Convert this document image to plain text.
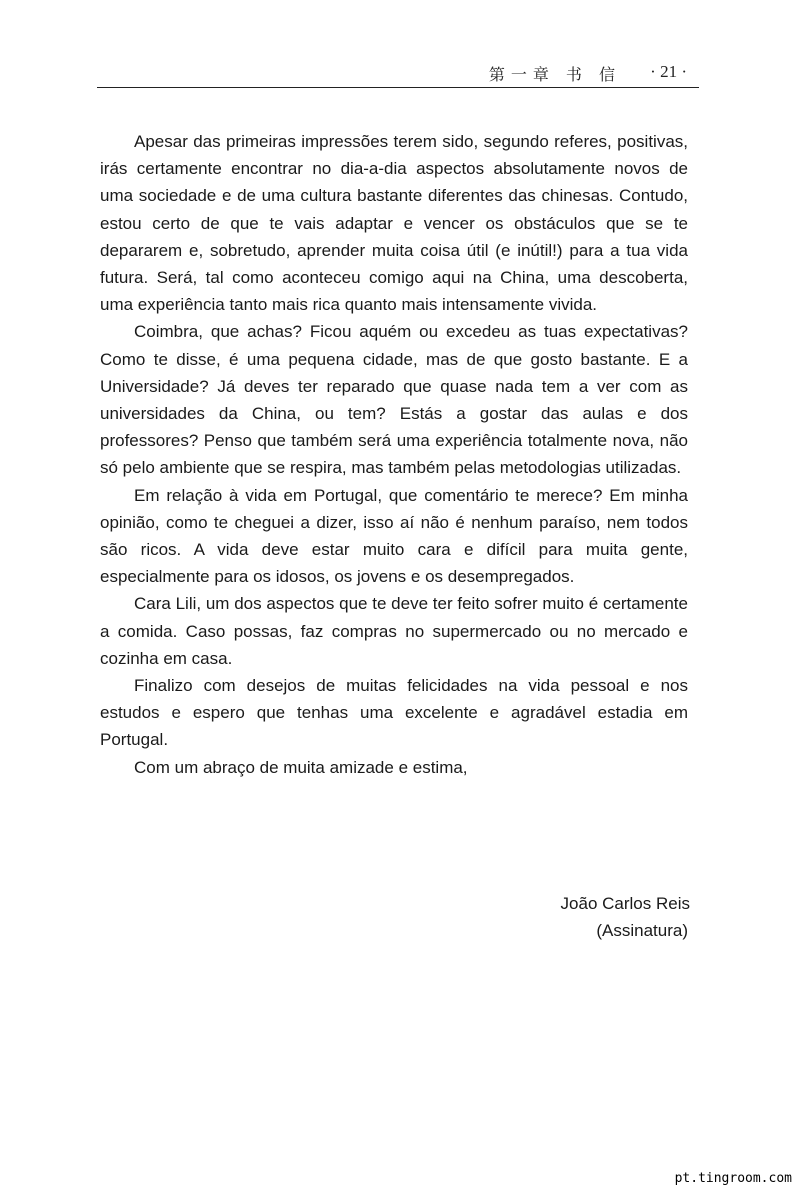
第一章 书 信 · 21 ·

Apesar das primeiras impressões terem sido, segundo referes, positivas, irás certamente encontrar no dia-a-dia aspectos absolutamente novos de uma sociedade e de uma cultura bastante diferentes das chinesas. Contudo, estou certo de que te vais adaptar e vencer os obstáculos que se te depararem e, sobretudo, aprender muita coisa útil (e inútil!) para a tua vida futura. Será, tal como aconteceu comigo aqui na China, uma descoberta, uma experiência tanto mais rica quanto mais intensamente vivida.

Coimbra, que achas? Ficou aquém ou excedeu as tuas expectativas? Como te disse, é uma pequena cidade, mas de que gosto bastante. E a Universidade? Já deves ter reparado que quase nada tem a ver com as universidades da China, ou tem? Estás a gostar das aulas e dos professores? Penso que também será uma experiência totalmente nova, não só pelo ambiente que se respira, mas também pelas metodologias utilizadas.

Em relação à vida em Portugal, que comentário te merece? Em minha opinião, como te cheguei a dizer, isso aí não é nenhum paraíso, nem todos são ricos. A vida deve estar muito cara e difícil para muita gente, especialmente para os idosos, os jovens e os desempregados.

Cara Lili, um dos aspectos que te deve ter feito sofrer muito é certamente a comida. Caso possas, faz compras no supermercado ou no mercado e cozinha em casa.

Finalizo com desejos de muitas felicidades na vida pessoal e nos estudos e espero que tenhas uma excelente e agradável estadia em Portugal.

Com um abraço de muita amizade e estima,

João Carlos Reis
(Assinatura)
pt.tingroom.com
